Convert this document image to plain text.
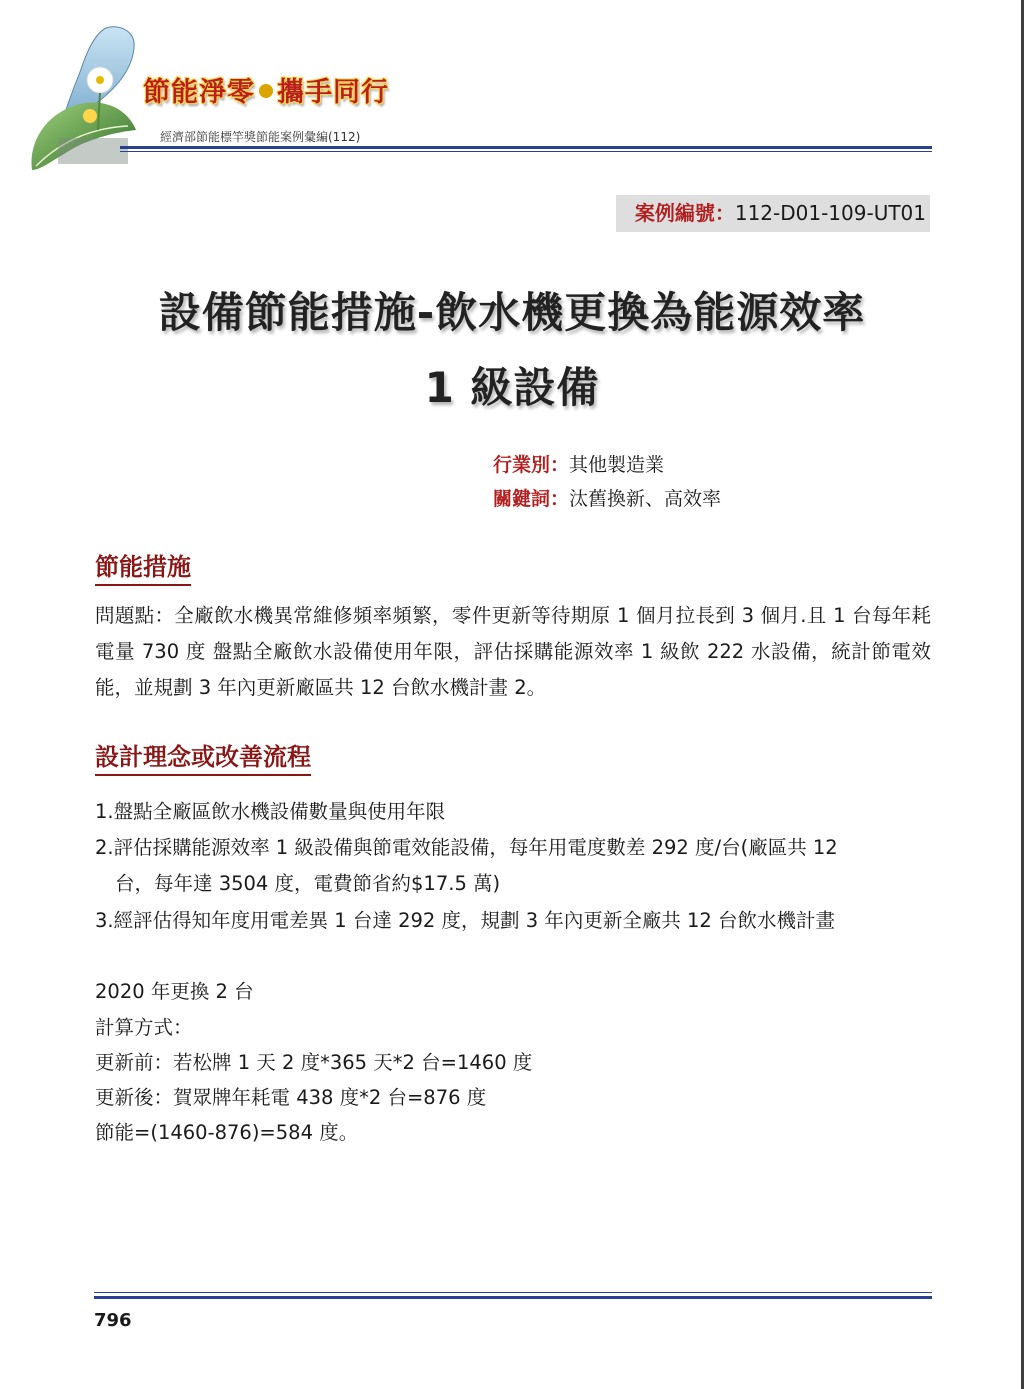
節能淨零 攜手同行
經濟部節能標竿獎節能案例彙編(112)
案例編號：112-D01-109-UT01
設備節能措施-飲水機更換為能源效率
1 級設備
行業別：其他製造業
關鍵詞：汰舊換新、高效率
節能措施
問題點：全廠飲水機異常維修頻率頻繁，零件更新等待期原 1 個月拉長到 3 個月.且 1 台每年耗電量 730 度 盤點全廠飲水設備使用年限，評估採購能源效率 1 級飲 222 水設備，統計節電效能，並規劃 3 年內更新廠區共 12 台飲水機計畫 2。
設計理念或改善流程
1.盤點全廠區飲水機設備數量與使用年限
2.評估採購能源效率 1 級設備與節電效能設備，每年用電度數差 292 度/台(廠區共 12
台，每年達 3504 度，電費節省約$17.5 萬)
3.經評估得知年度用電差異 1 台達 292 度，規劃 3 年內更新全廠共 12 台飲水機計畫
2020 年更換 2 台
計算方式：
更新前：若松牌 1 天 2 度*365 天*2 台=1460 度
更新後：賀眾牌年耗電 438 度*2 台=876 度
節能=(1460-876)=584 度。
796
